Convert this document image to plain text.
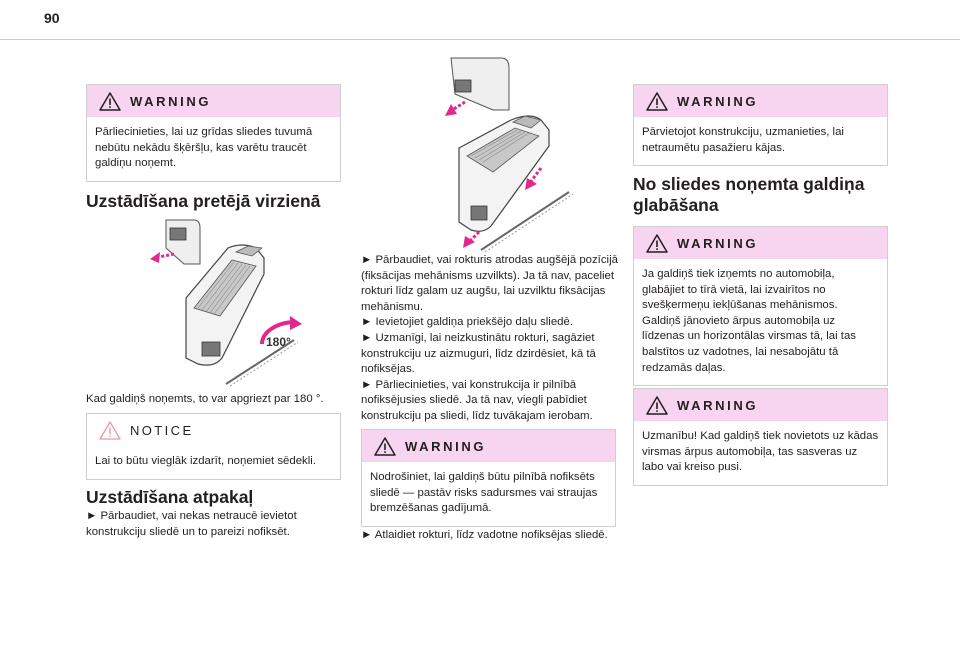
90
WARNING
Pārliecinieties, lai uz grīdas sliedes tuvumā nebūtu nekādu šķēršļu, kas varētu traucēt galdiņu noņemt.
Uzstādīšana pretējā virzienā
180°
Kad galdiņš noņemts, to var apgriezt par 180 °.
NOTICE
Lai to būtu vieglāk izdarīt, noņemiet sēdekli.
Uzstādīšana atpakaļ
► Pārbaudiet, vai nekas netraucē ievietot konstrukciju sliedē un to pareizi nofiksēt.
► Pārbaudiet, vai rokturis atrodas augšējā pozīcijā (fiksācijas mehānisms uzvilkts). Ja tā nav, paceliet rokturi līdz galam uz augšu, lai uzvilktu fiksācijas mehānismu.
► Ievietojiet galdiņa priekšējo daļu sliedē.
► Uzmanīgi, lai neizkustinātu rokturi, sagāziet konstrukciju uz aizmuguri, līdz dzirdēsiet, kā tā nofiksējas.
► Pārliecinieties, vai konstrukcija ir pilnībā nofiksējusies sliedē. Ja tā nav, viegli pabīdiet konstrukciju pa sliedi, līdz tuvākajam ierobam.
WARNING
Nodrošiniet, lai galdiņš būtu pilnībā nofiksēts sliedē — pastāv risks sadursmes vai straujas bremzēšanas gadījumā.
► Atlaidiet rokturi, līdz vadotne nofiksējas sliedē.
WARNING
Pārvietojot konstrukciju, uzmanieties, lai netraumētu pasažieru kājas.
No sliedes noņemta galdiņa glabāšana
WARNING
Ja galdiņš tiek izņemts no automobiļa, glabājiet to tīrā vietā, lai izvairītos no svešķermeņu iekļūšanas mehānismos. Galdiņš jānovieto ārpus automobiļa uz līdzenas un horizontālas virsmas tā, lai tas balstītos uz vadotnes, lai nesabojātu tā redzamās daļas.
WARNING
Uzmanību! Kad galdiņš tiek novietots uz kādas virsmas ārpus automobiļa, tas sasveras uz labo vai kreiso pusi.
